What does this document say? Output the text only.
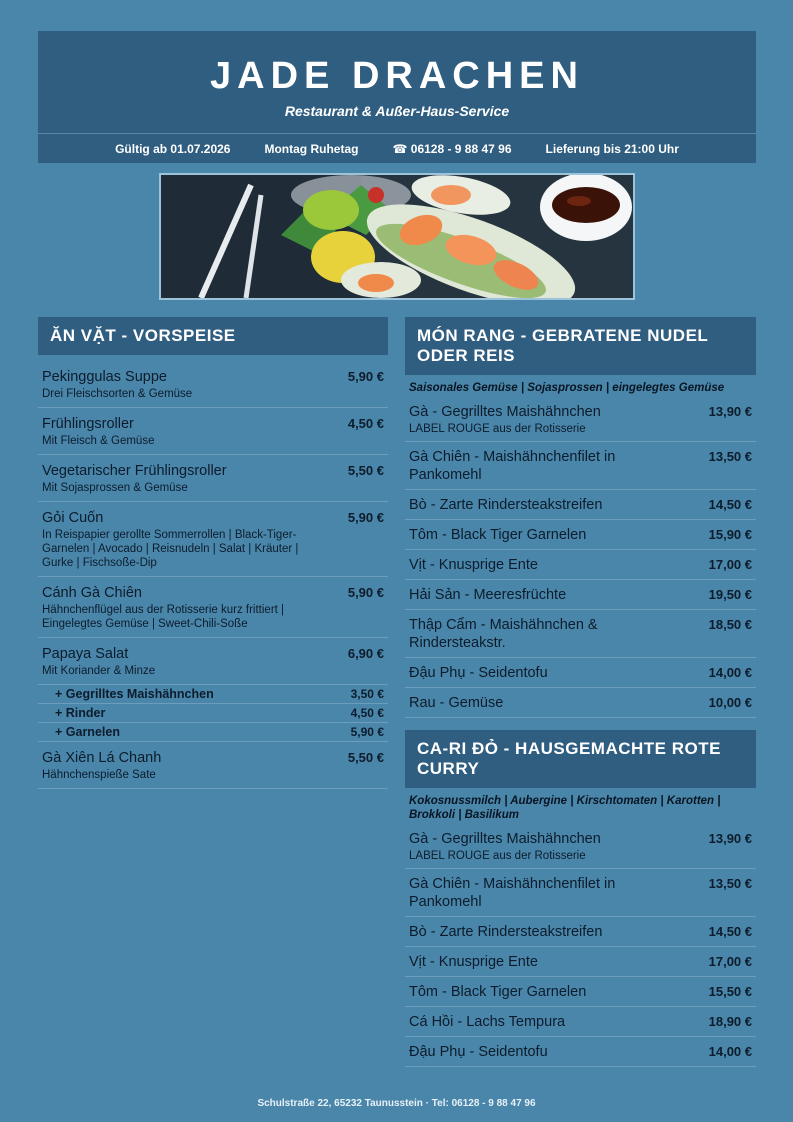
JADE DRACHEN
Restaurant & Außer-Haus-Service
Gültig ab 01.07.2026	Montag Ruhetag	☎ 06128 - 9 88 47 96	Lieferung bis 21:00 Uhr
ĂN VẶT - VORSPEISE
Pekinggulas Suppe
Drei Fleischsorten & Gemüse
5,90 €
Frühlingsroller
Mit Fleisch & Gemüse
4,50 €
Vegetarischer Frühlingsroller
Mit Sojasprossen & Gemüse
5,50 €
Gỏi Cuốn
In Reispapier gerollte Sommerrollen | Black-Tiger-Garnelen | Avocado | Reisnudeln | Salat | Kräuter | Gurke | Fischsoße-Dip
5,90 €
Cánh Gà Chiên
Hähnchenflügel aus der Rotisserie kurz frittiert | Eingelegtes Gemüse | Sweet-Chili-Soße
5,90 €
Papaya Salat
Mit Koriander & Minze
6,90 €
+ Gegrilltes Maishähnchen	3,50 €
+ Rinder	4,50 €
+ Garnelen	5,90 €
Gà Xiên Lá Chanh
Hähnchenspieße Sate
5,50 €
MÓN RANG - GEBRATENE NUDEL ODER REIS
Saisonales Gemüse | Sojasprossen | eingelegtes Gemüse
Gà - Gegrilltes Maishähnchen
LABEL ROUGE aus der Rotisserie
13,90 €
Gà Chiên - Maishähnchenfilet in Pankomehl
13,50 €
Bò - Zarte Rindersteakstreifen	14,50 €
Tôm - Black Tiger Garnelen	15,90 €
Vịt - Knusprige Ente	17,00 €
Hải Sản - Meeresfrüchte	19,50 €
Thập Cẩm - Maishähnchen & Rindersteakstr.
18,50 €
Đậu Phụ - Seidentofu	14,00 €
Rau - Gemüse	10,00 €
CA-RI ĐỎ - HAUSGEMACHTE ROTE CURRY
Kokosnussmilch | Aubergine | Kirschtomaten | Karotten | Brokkoli | Basilikum
Gà - Gegrilltes Maishähnchen
LABEL ROUGE aus der Rotisserie
13,90 €
Gà Chiên - Maishähnchenfilet in Pankomehl
13,50 €
Bò - Zarte Rindersteakstreifen	14,50 €
Vịt - Knusprige Ente	17,00 €
Tôm - Black Tiger Garnelen	15,50 €
Cá Hồi - Lachs Tempura	18,90 €
Đậu Phụ - Seidentofu	14,00 €
Schulstraße 22, 65232 Taunusstein · Tel: 06128 - 9 88 47 96
